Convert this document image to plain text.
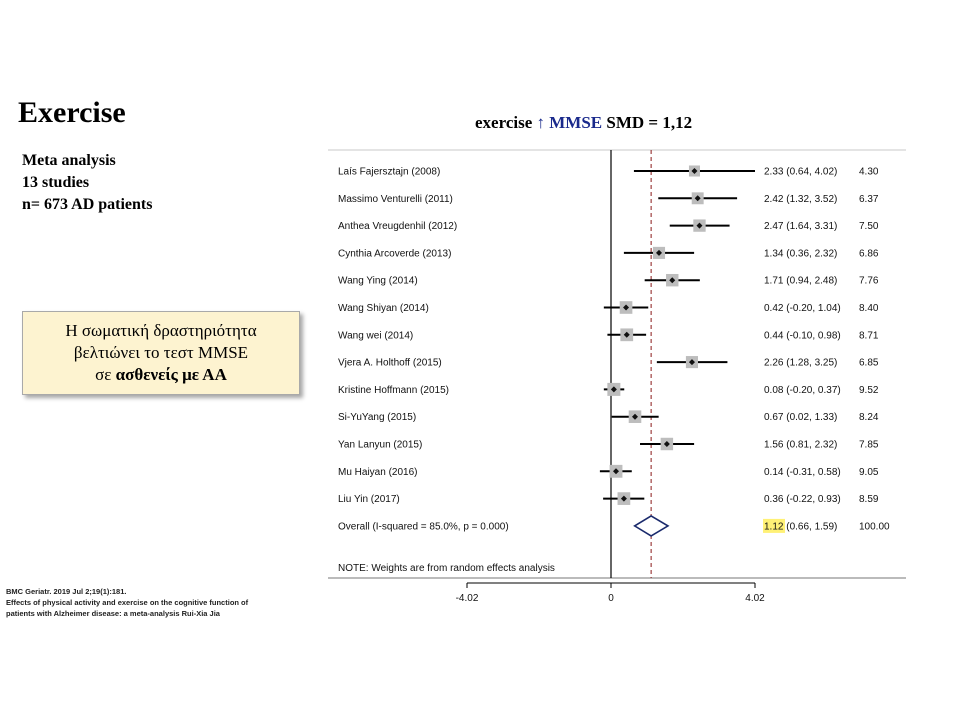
Exercise
Meta analysis
13 studies
n= 673 AD patients
Η σωματική δραστηριότητα
βελτιώνει το τεστ MMSE
σε ασθενείς με ΑΑ
exercise ↑ MMSE SMD = 1,12
Laís Fajersztajn (2008)	2.33 (0.64, 4.02) 4.30
Massimo Venturelli (2011)	2.42 (1.32, 3.52) 6.37
Anthea Vreugdenhil (2012)	2.47 (1.64, 3.31) 7.50
Cynthia Arcoverde (2013)	1.34 (0.36, 2.32) 6.86
Wang Ying (2014)	1.71 (0.94, 2.48) 7.76
Wang Shiyan (2014)	0.42 (-0.20, 1.04) 8.40
Wang wei (2014)	0.44 (-0.10, 0.98) 8.71
Vjera A. Holthoff (2015)	2.26 (1.28, 3.25) 6.85
Kristine Hoffmann (2015)	0.08 (-0.20, 0.37) 9.52
Si-YuYang (2015)	0.67 (0.02, 1.33) 8.24
Yan Lanyun (2015)	1.56 (0.81, 2.32) 7.85
Mu Haiyan (2016)	0.14 (-0.31, 0.58) 9.05
Liu Yin (2017)	0.36 (-0.22, 0.93) 8.59
Overall (I-squared = 85.0%, p = 0.000)	1.12 (0.66, 1.59) 100.00
NOTE: Weights are from random effects analysis
-4.02	0	4.02
BMC Geriatr. 2019 Jul 2;19(1):181.
Effects of physical activity and exercise on the cognitive function of
patients with Alzheimer disease: a meta-analysis Rui-Xia Jia
